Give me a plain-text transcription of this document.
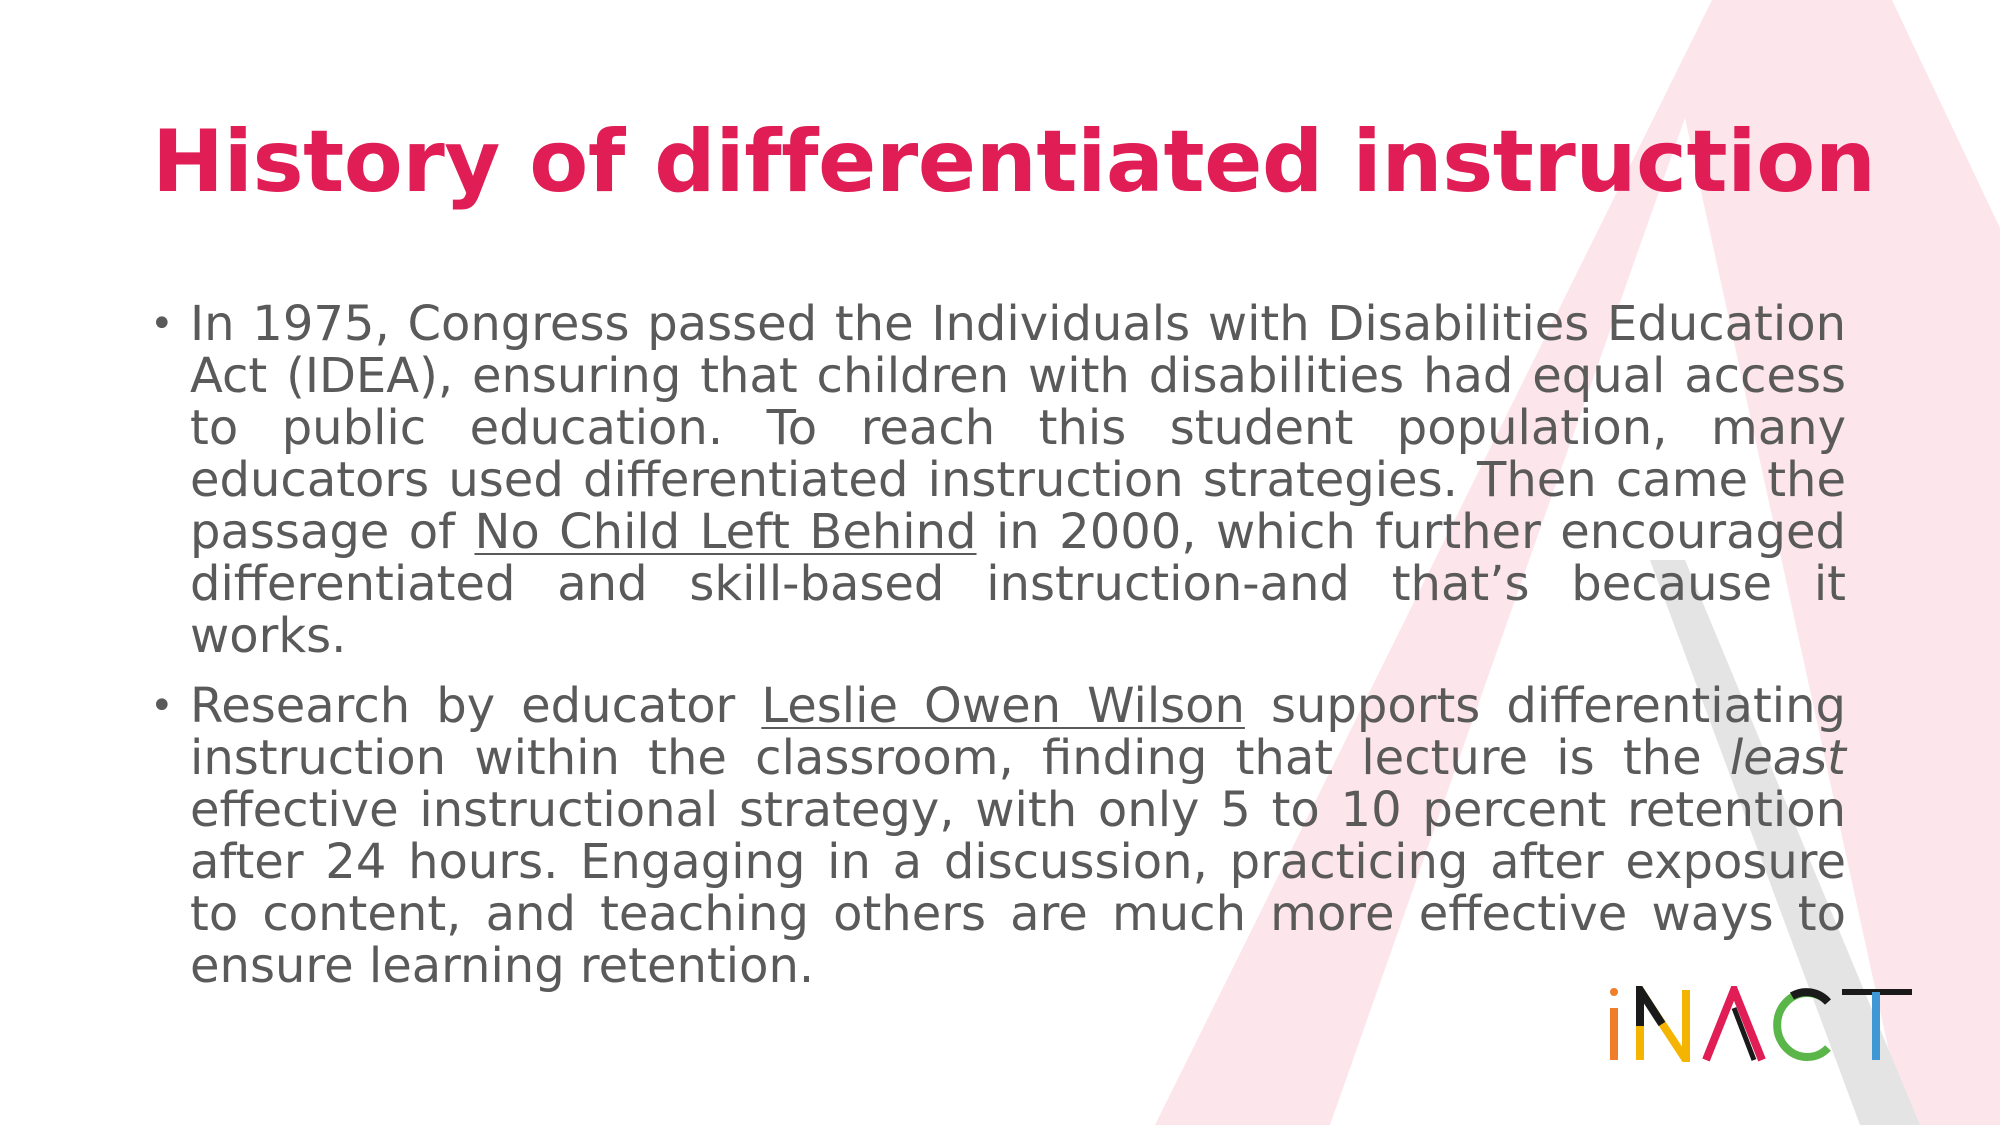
History of differentiated instruction
• In 1975, Congress passed the Individuals with Disabilities Education Act (IDEA), ensuring that children with disabilities had equal access to public education. To reach this student population, many educators used differentiated instruction strategies. Then came the passage of No Child Left Behind in 2000, which further encouraged differentiated and skill-based instruction-and that’s because it works.
• Research by educator Leslie Owen Wilson supports differentiating instruction within the classroom, finding that lecture is the least effective instructional strategy, with only 5 to 10 percent retention after 24 hours. Engaging in a discussion, practicing after exposure to content, and teaching others are much more effective ways to ensure learning retention.
